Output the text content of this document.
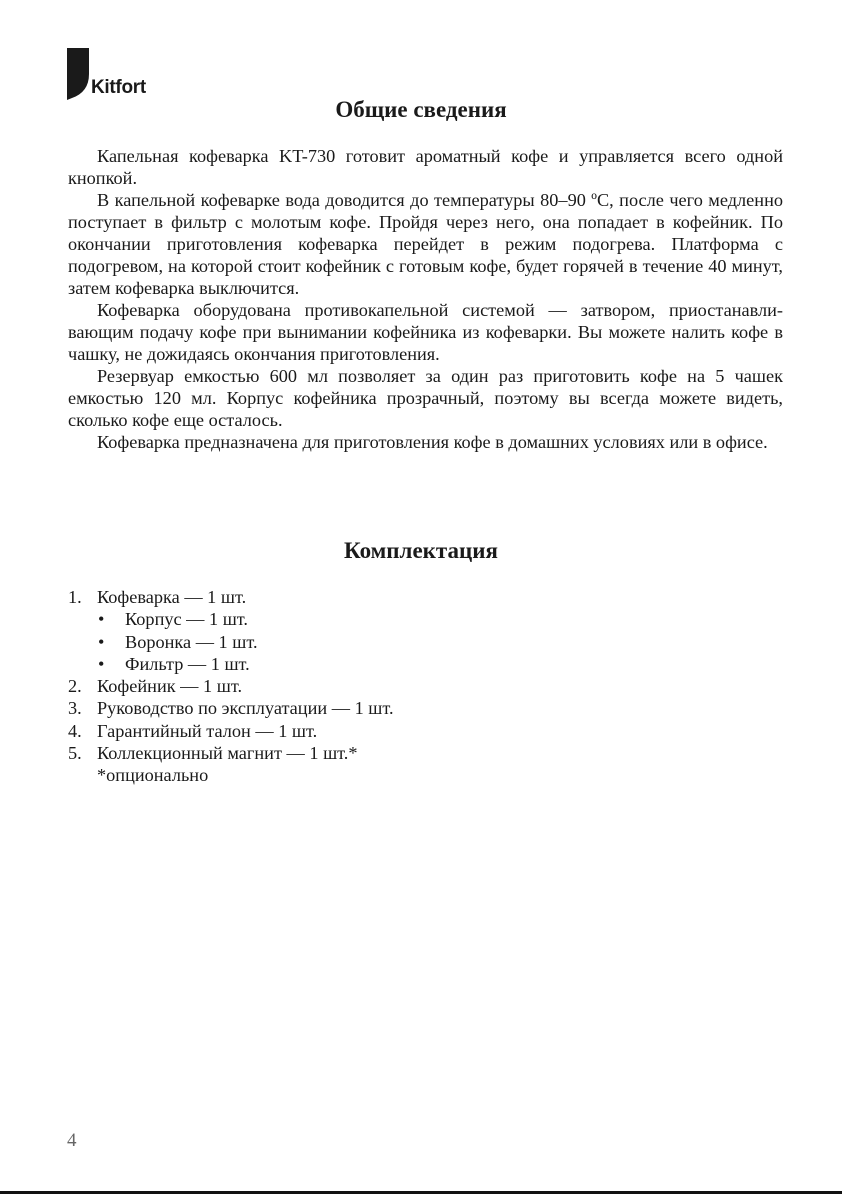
Kitfort
Общие сведения

Капельная кофеварка KT-730 готовит ароматный кофе и управляется всего одной кнопкой.

В капельной кофеварке вода доводится до температуры 80–90 ºС, после чего медленно поступает в фильтр с молотым кофе. Пройдя через него, она попадает в кофейник. По окончании приготовления кофеварка перейдет в режим подогрева. Платформа с подогревом, на которой стоит кофейник с готовым кофе, будет горячей в течение 40 минут, затем кофеварка выключится.

Кофеварка оборудована противокапельной системой — затвором, приостанавливающим подачу кофе при вынимании кофейника из кофеварки. Вы можете налить кофе в чашку, не дожидаясь окончания приготовления.

Резервуар емкостью 600 мл позволяет за один раз приготовить кофе на 5 чашек емкостью 120 мл. Корпус кофейника прозрачный, поэтому вы всегда можете видеть, сколько кофе еще осталось.

Кофеварка предназначена для приготовления кофе в домашних условиях или в офисе.

Комплектация
1. Кофеварка — 1 шт.
• Корпус — 1 шт.
• Воронка — 1 шт.
• Фильтр — 1 шт.
2. Кофейник — 1 шт.
3. Руководство по эксплуатации — 1 шт.
4. Гарантийный талон — 1 шт.
5. Коллекционный магнит — 1 шт.*
*опционально
4
